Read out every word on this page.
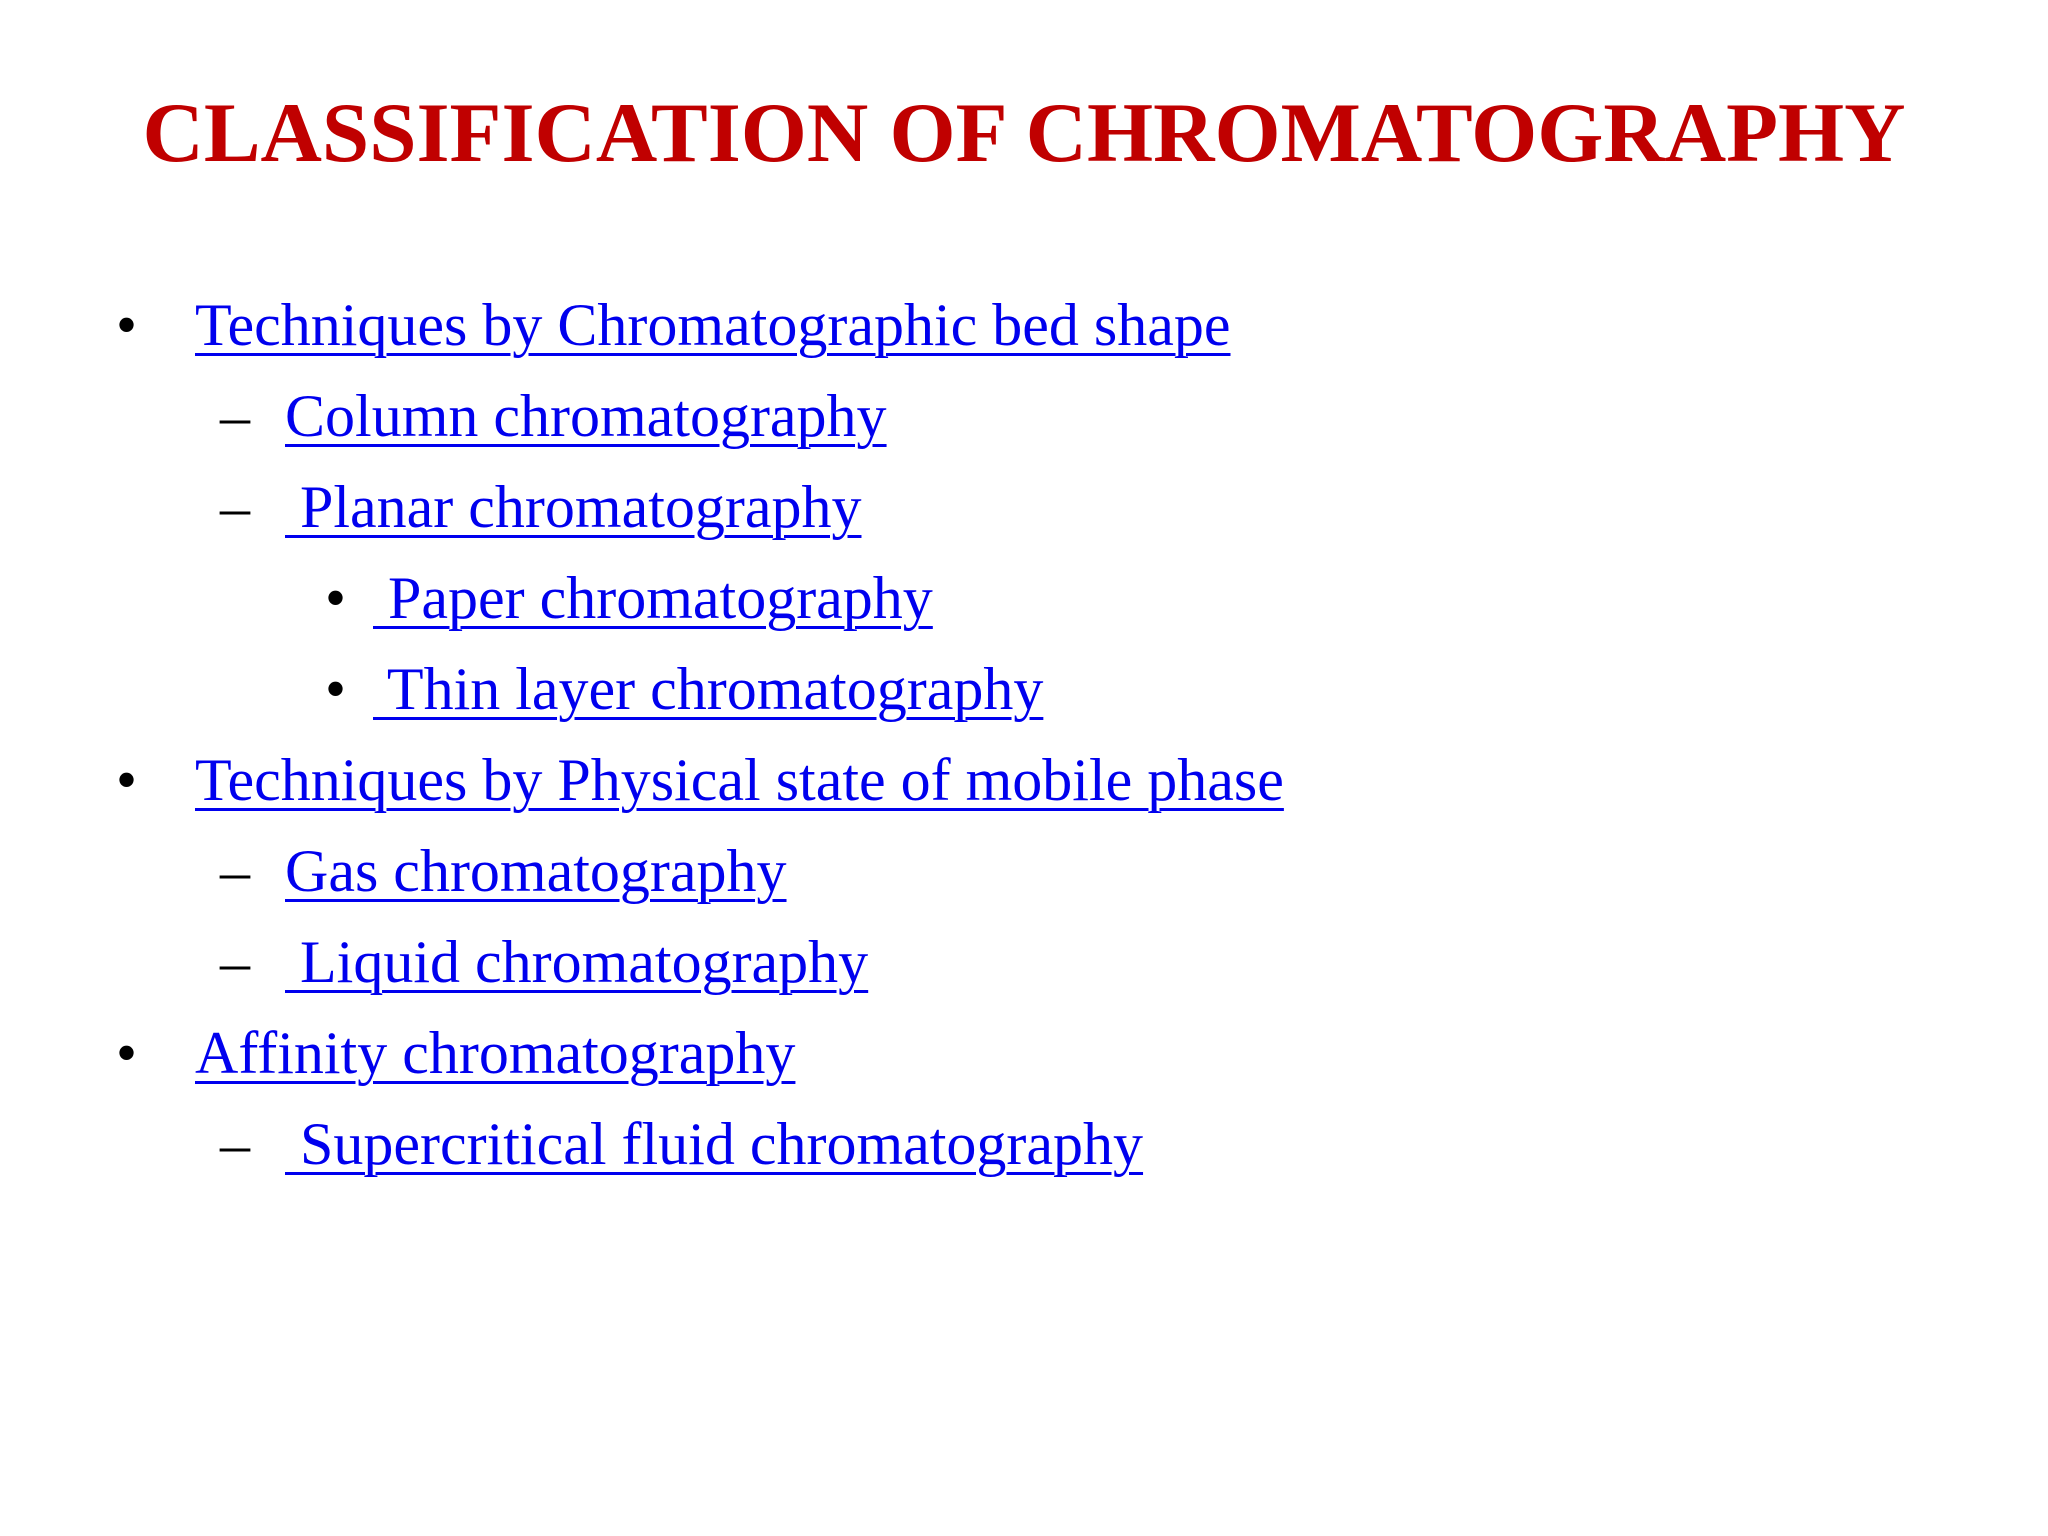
CLASSIFICATION OF CHROMATOGRAPHY

•

Techniques by Chromatographic bed shape

–

Column chromatography

–

Planar chromatography

•

Paper chromatography

•

Thin layer chromatography

•

Techniques by Physical state of mobile phase

–

Gas chromatography

–

Liquid chromatography

•

Affinity chromatography

–

Supercritical fluid chromatography
